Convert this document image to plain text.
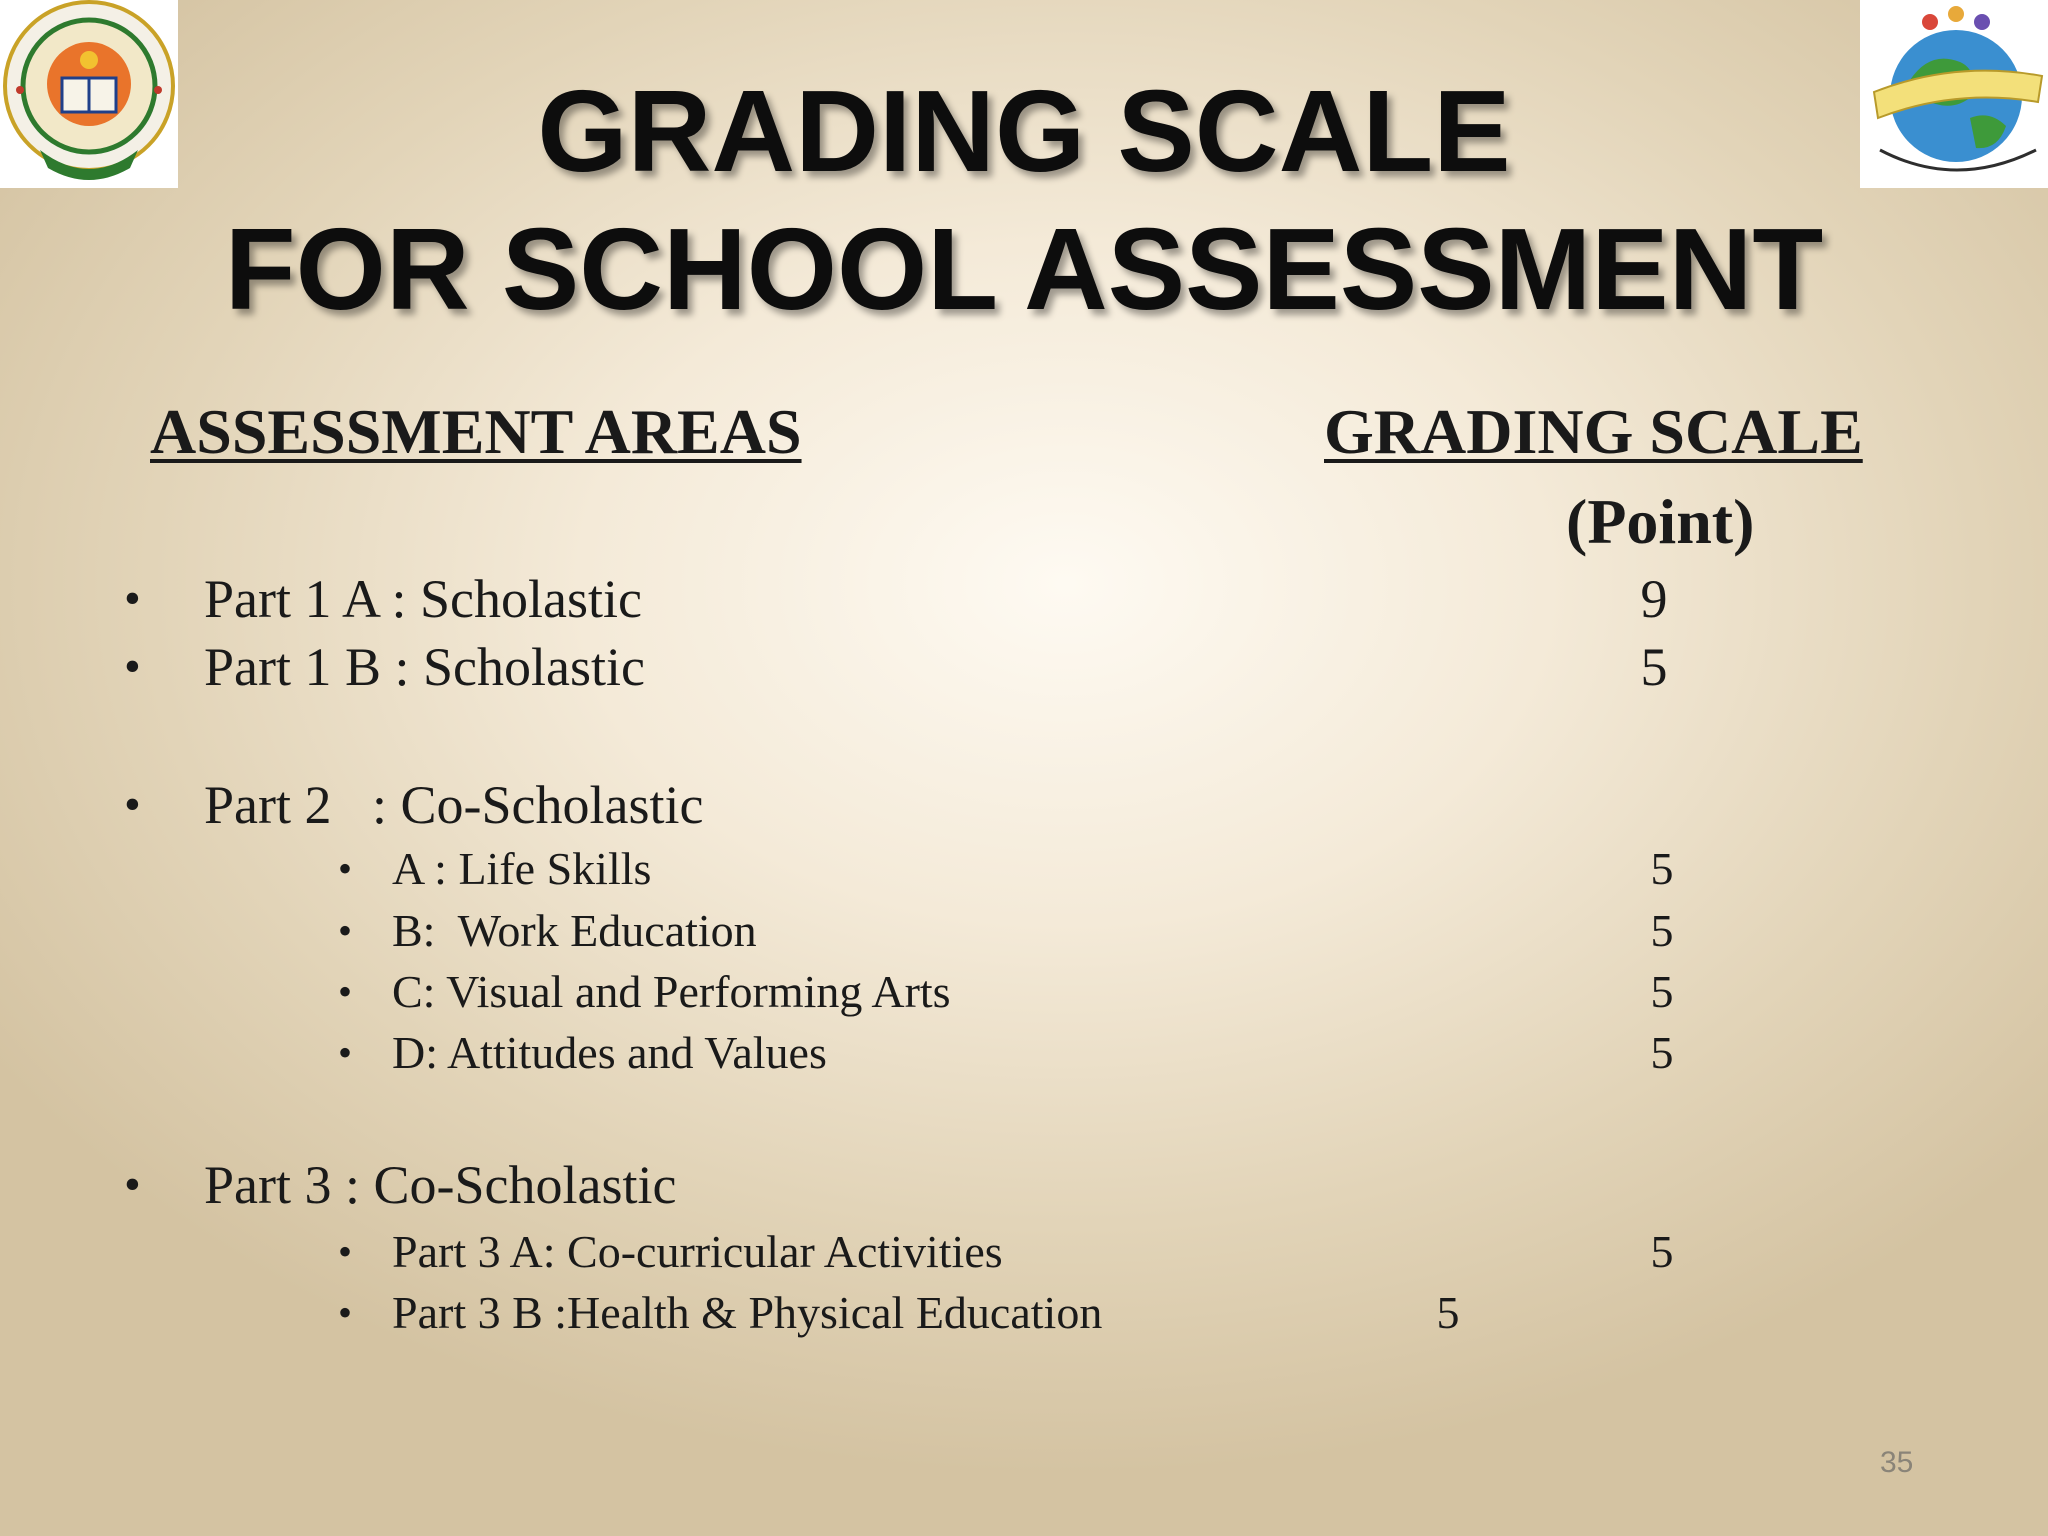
GRADING SCALE
FOR SCHOOL ASSESSMENT
ASSESSMENT AREAS	GRADING SCALE
(Point)
• Part 1 A : Scholastic	9
• Part 1 B : Scholastic	5
• Part 2   : Co-Scholastic
• A : Life Skills	5
• B:  Work Education	5
• C: Visual and Performing Arts	5
• D: Attitudes and Values	5
• Part 3 : Co-Scholastic
• Part 3 A: Co-curricular Activities	5
• Part 3 B :Health & Physical Education	5
35
